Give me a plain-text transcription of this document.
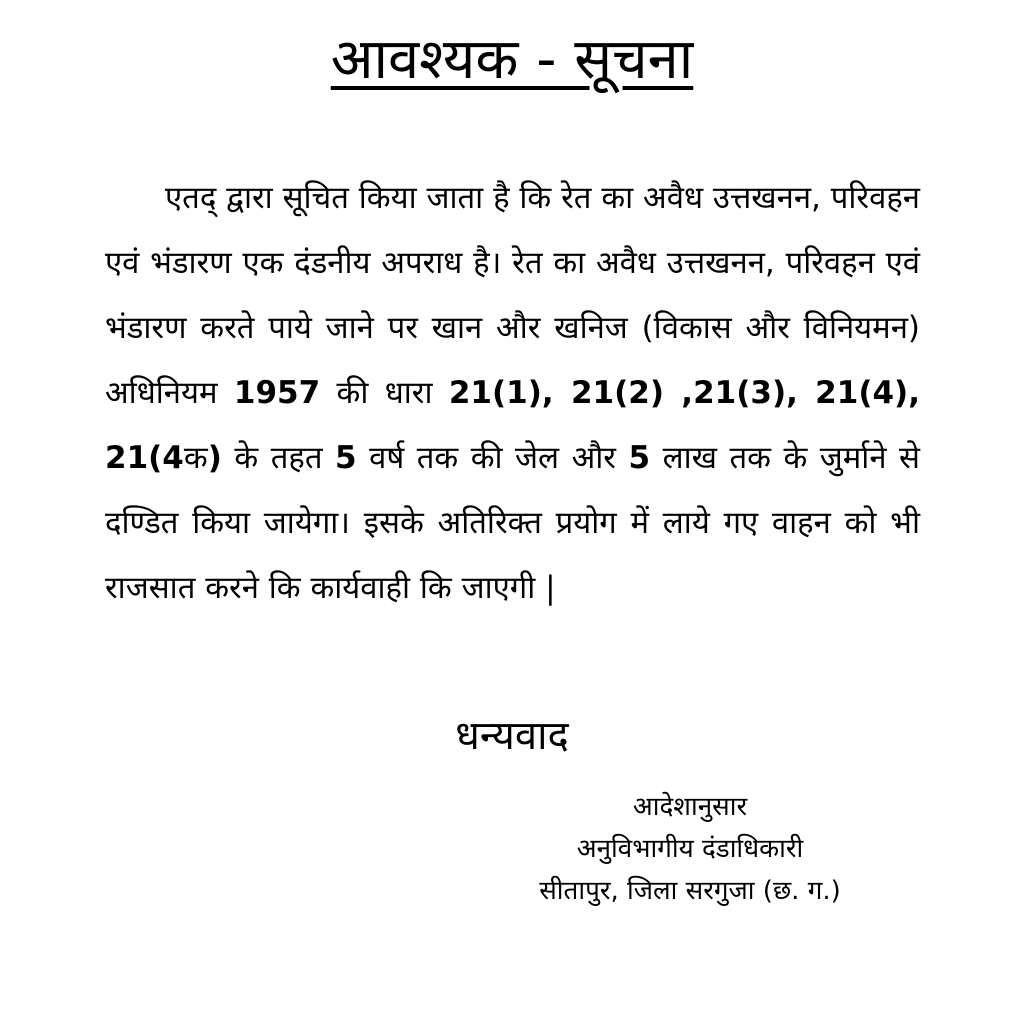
आवश्यक - सूचना

एतद् द्वारा सूचित किया जाता है कि रेत का अवैध उत्तखनन, परिवहन एवं भंडारण एक दंडनीय अपराध है। रेत का अवैध उत्तखनन, परिवहन एवं भंडारण करते पाये जाने पर खान और खनिज (विकास और विनियमन) अधिनियम 1957 की धारा 21(1), 21(2) ,21(3), 21(4), 21(4क) के तहत 5 वर्ष तक की जेल और 5 लाख तक के जुर्माने से दण्डित किया जायेगा। इसके अतिरिक्त प्रयोग में लाये गए वाहन को भी राजसात करने कि कार्यवाही कि जाएगी |

धन्यवाद

आदेशानुसार
अनुविभागीय दंडाधिकारी
सीतापुर, जिला सरगुजा (छ. ग.)
